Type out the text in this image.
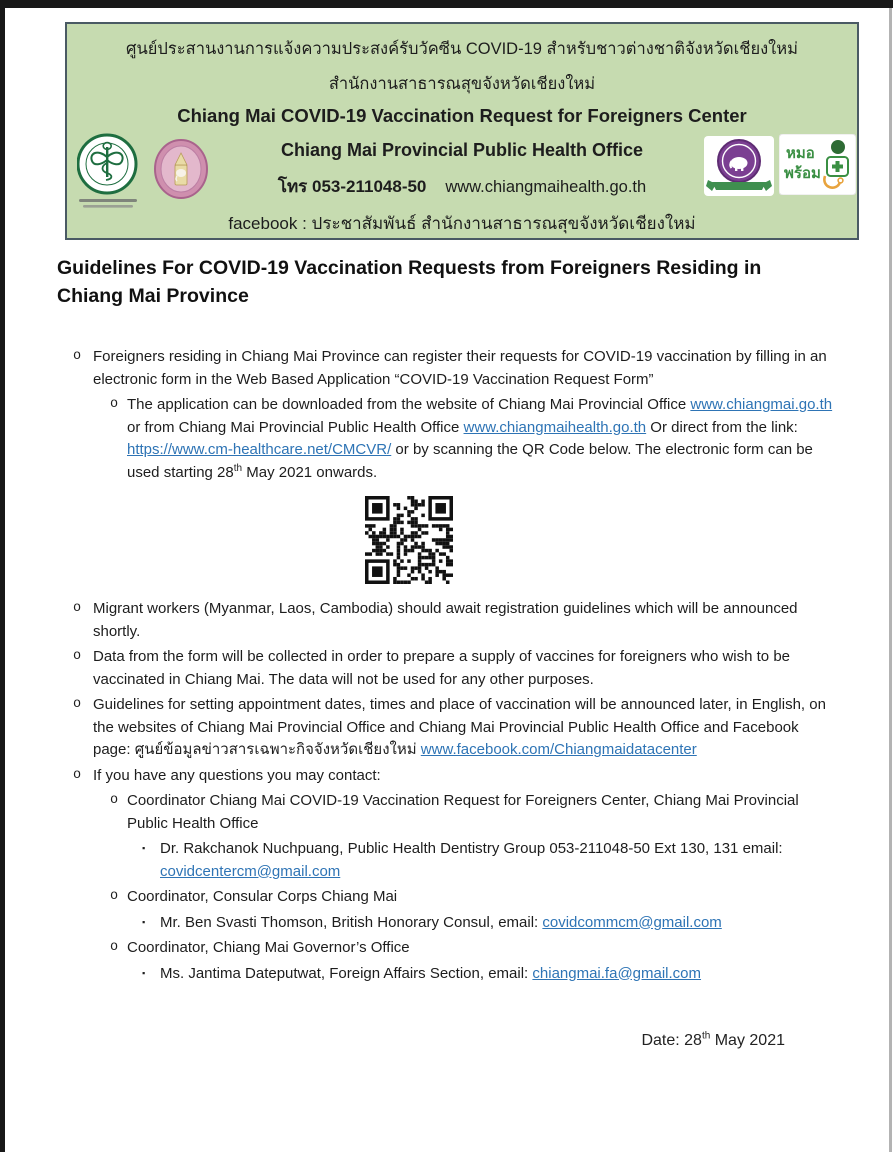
ศูนย์ประสานงานการแจ้งความประสงค์รับวัคซีน COVID-19 สำหรับชาวต่างชาติจังหวัดเชียงใหม่
สำนักงานสาธารณสุขจังหวัดเชียงใหม่
Chiang Mai COVID-19 Vaccination Request for Foreigners Center
Chiang Mai Provincial Public Health Office
โทร 053-211048-50 www.chiangmaihealth.go.th
facebook : ประชาสัมพันธ์ สำนักงานสาธารณสุขจังหวัดเชียงใหม่
หมอ
พร้อม
Guidelines For COVID-19 Vaccination Requests from Foreigners Residing in Chiang Mai Province
o Foreigners residing in Chiang Mai Province can register their requests for COVID-19 vaccination by filling in an electronic form in the Web Based Application “COVID-19 Vaccination Request Form”
o The application can be downloaded from the website of Chiang Mai Provincial Office www.chiangmai.go.th or from Chiang Mai Provincial Public Health Office www.chiangmaihealth.go.th Or direct from the link: https://www.cm-healthcare.net/CMCVR/ or by scanning the QR Code below. The electronic form can be used starting 28th May 2021 onwards.
o Migrant workers (Myanmar, Laos, Cambodia) should await registration guidelines which will be announced shortly.
o Data from the form will be collected in order to prepare a supply of vaccines for foreigners who wish to be vaccinated in Chiang Mai. The data will not be used for any other purposes.
o Guidelines for setting appointment dates, times and place of vaccination will be announced later, in English, on the websites of Chiang Mai Provincial Office and Chiang Mai Provincial Public Health Office and Facebook page: ศูนย์ข้อมูลข่าวสารเฉพาะกิจจังหวัดเชียงใหม่ www.facebook.com/Chiangmaidatacenter
o If you have any questions you may contact:
o Coordinator Chiang Mai COVID-19 Vaccination Request for Foreigners Center, Chiang Mai Provincial Public Health Office
▪ Dr. Rakchanok Nuchpuang, Public Health Dentistry Group 053-211048-50 Ext 130, 131 email: covidcentercm@gmail.com
o Coordinator, Consular Corps Chiang Mai
▪ Mr. Ben Svasti Thomson, British Honorary Consul, email: covidcommcm@gmail.com
o Coordinator, Chiang Mai Governor’s Office
▪ Ms. Jantima Dateputwat, Foreign Affairs Section, email: chiangmai.fa@gmail.com
Date: 28th May 2021
